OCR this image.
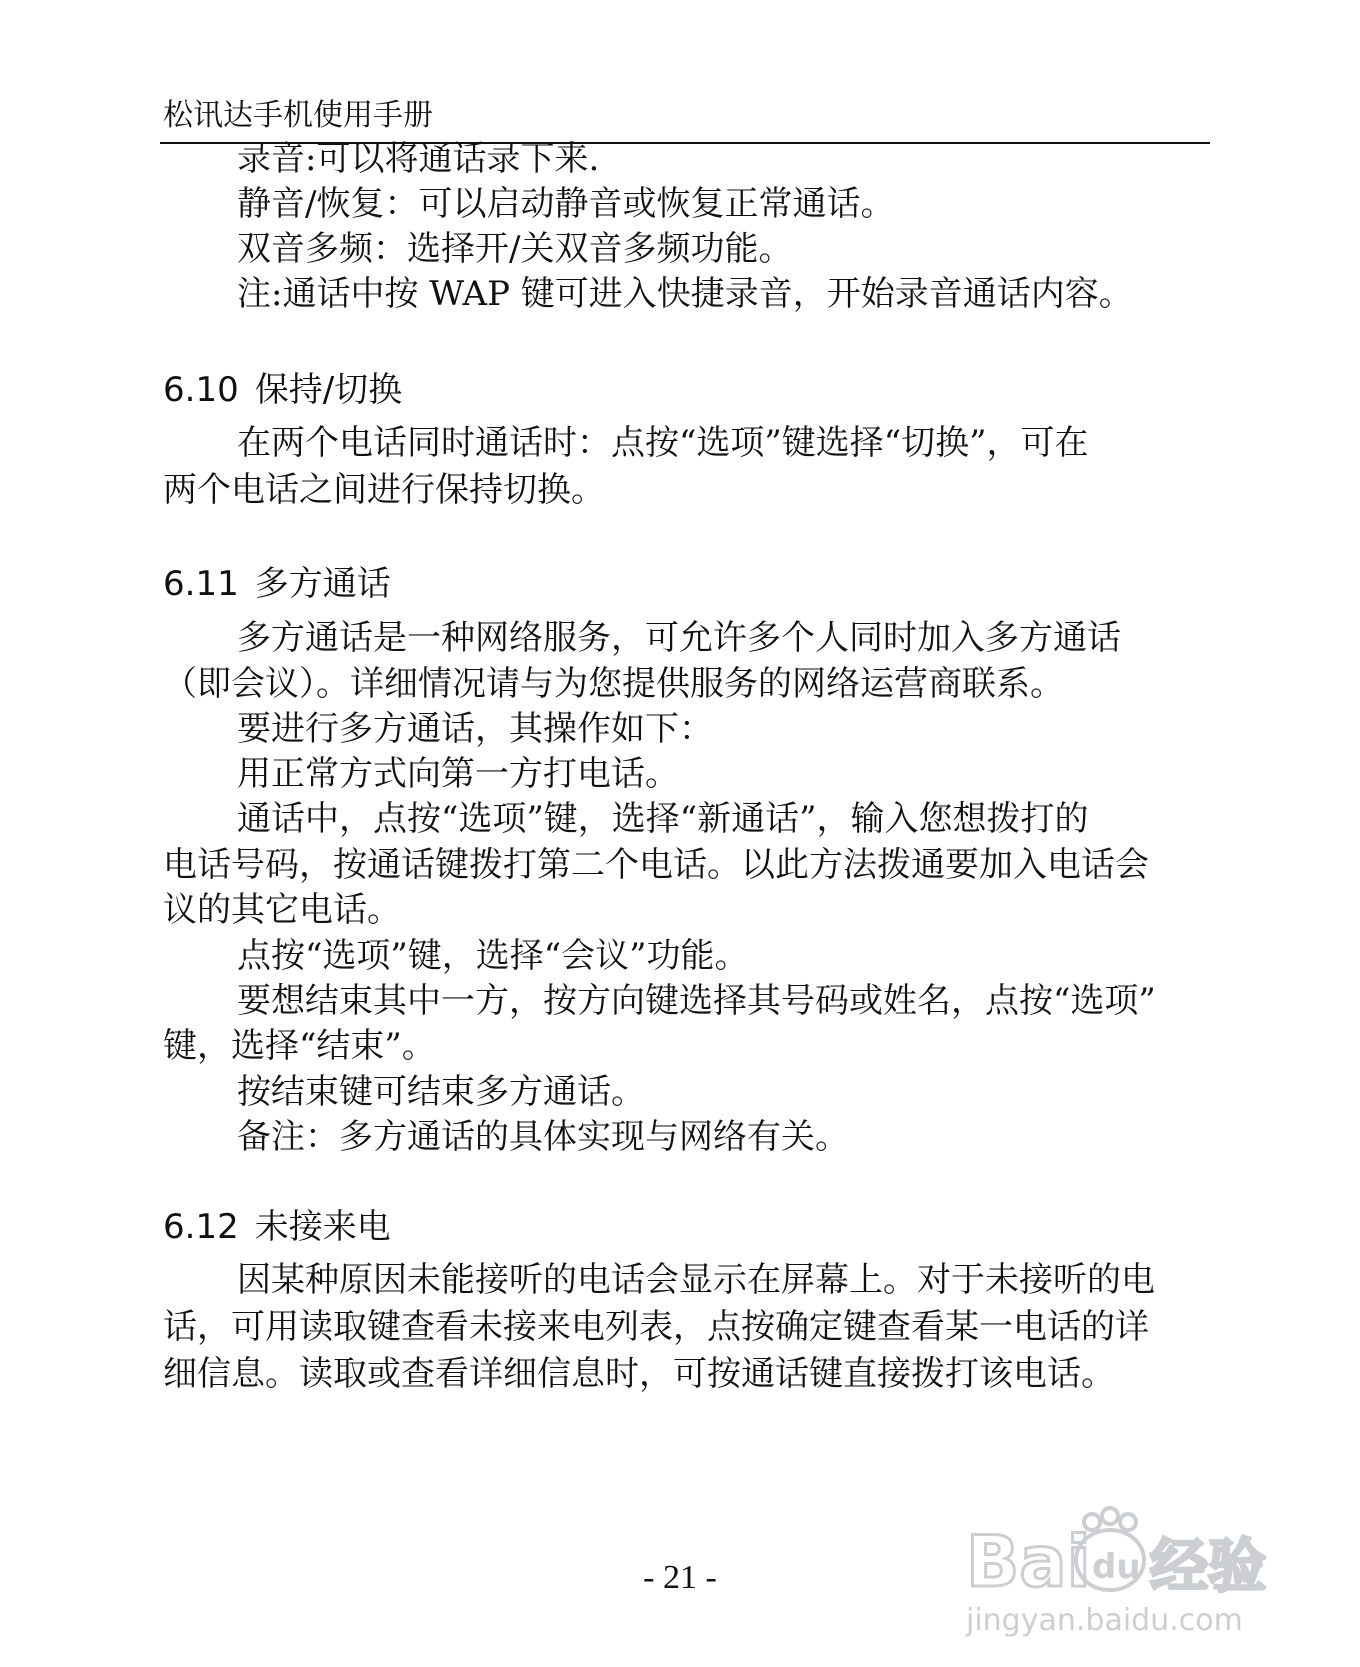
松讯达手机使用手册
录音:可以将通话录下来.
静音/恢复：可以启动静音或恢复正常通话。
双音多频：选择开/关双音多频功能。
注:通话中按 WAP 键可进入快捷录音，开始录音通话内容。
6.10 保持/切换
在两个电话同时通话时：点按“选项”键选择“切换”，可在
两个电话之间进行保持切换。
6.11 多方通话
多方通话是一种网络服务，可允许多个人同时加入多方通话
（即会议）。详细情况请与为您提供服务的网络运营商联系。
要进行多方通话，其操作如下：
用正常方式向第一方打电话。
通话中，点按“选项”键，选择“新通话”，输入您想拨打的
电话号码，按通话键拨打第二个电话。以此方法拨通要加入电话会
议的其它电话。
点按“选项”键，选择“会议”功能。
要想结束其中一方，按方向键选择其号码或姓名，点按“选项”
键，选择“结束”。
按结束键可结束多方通话。
备注：多方通话的具体实现与网络有关。
6.12 未接来电
因某种原因未能接听的电话会显示在屏幕上。对于未接听的电
话，可用读取键查看未接来电列表，点按确定键查看某一电话的详
细信息。读取或查看详细信息时，可按通话键直接拨打该电话。
- 21 -	Bai 经验
du
jingyan.baidu.com
